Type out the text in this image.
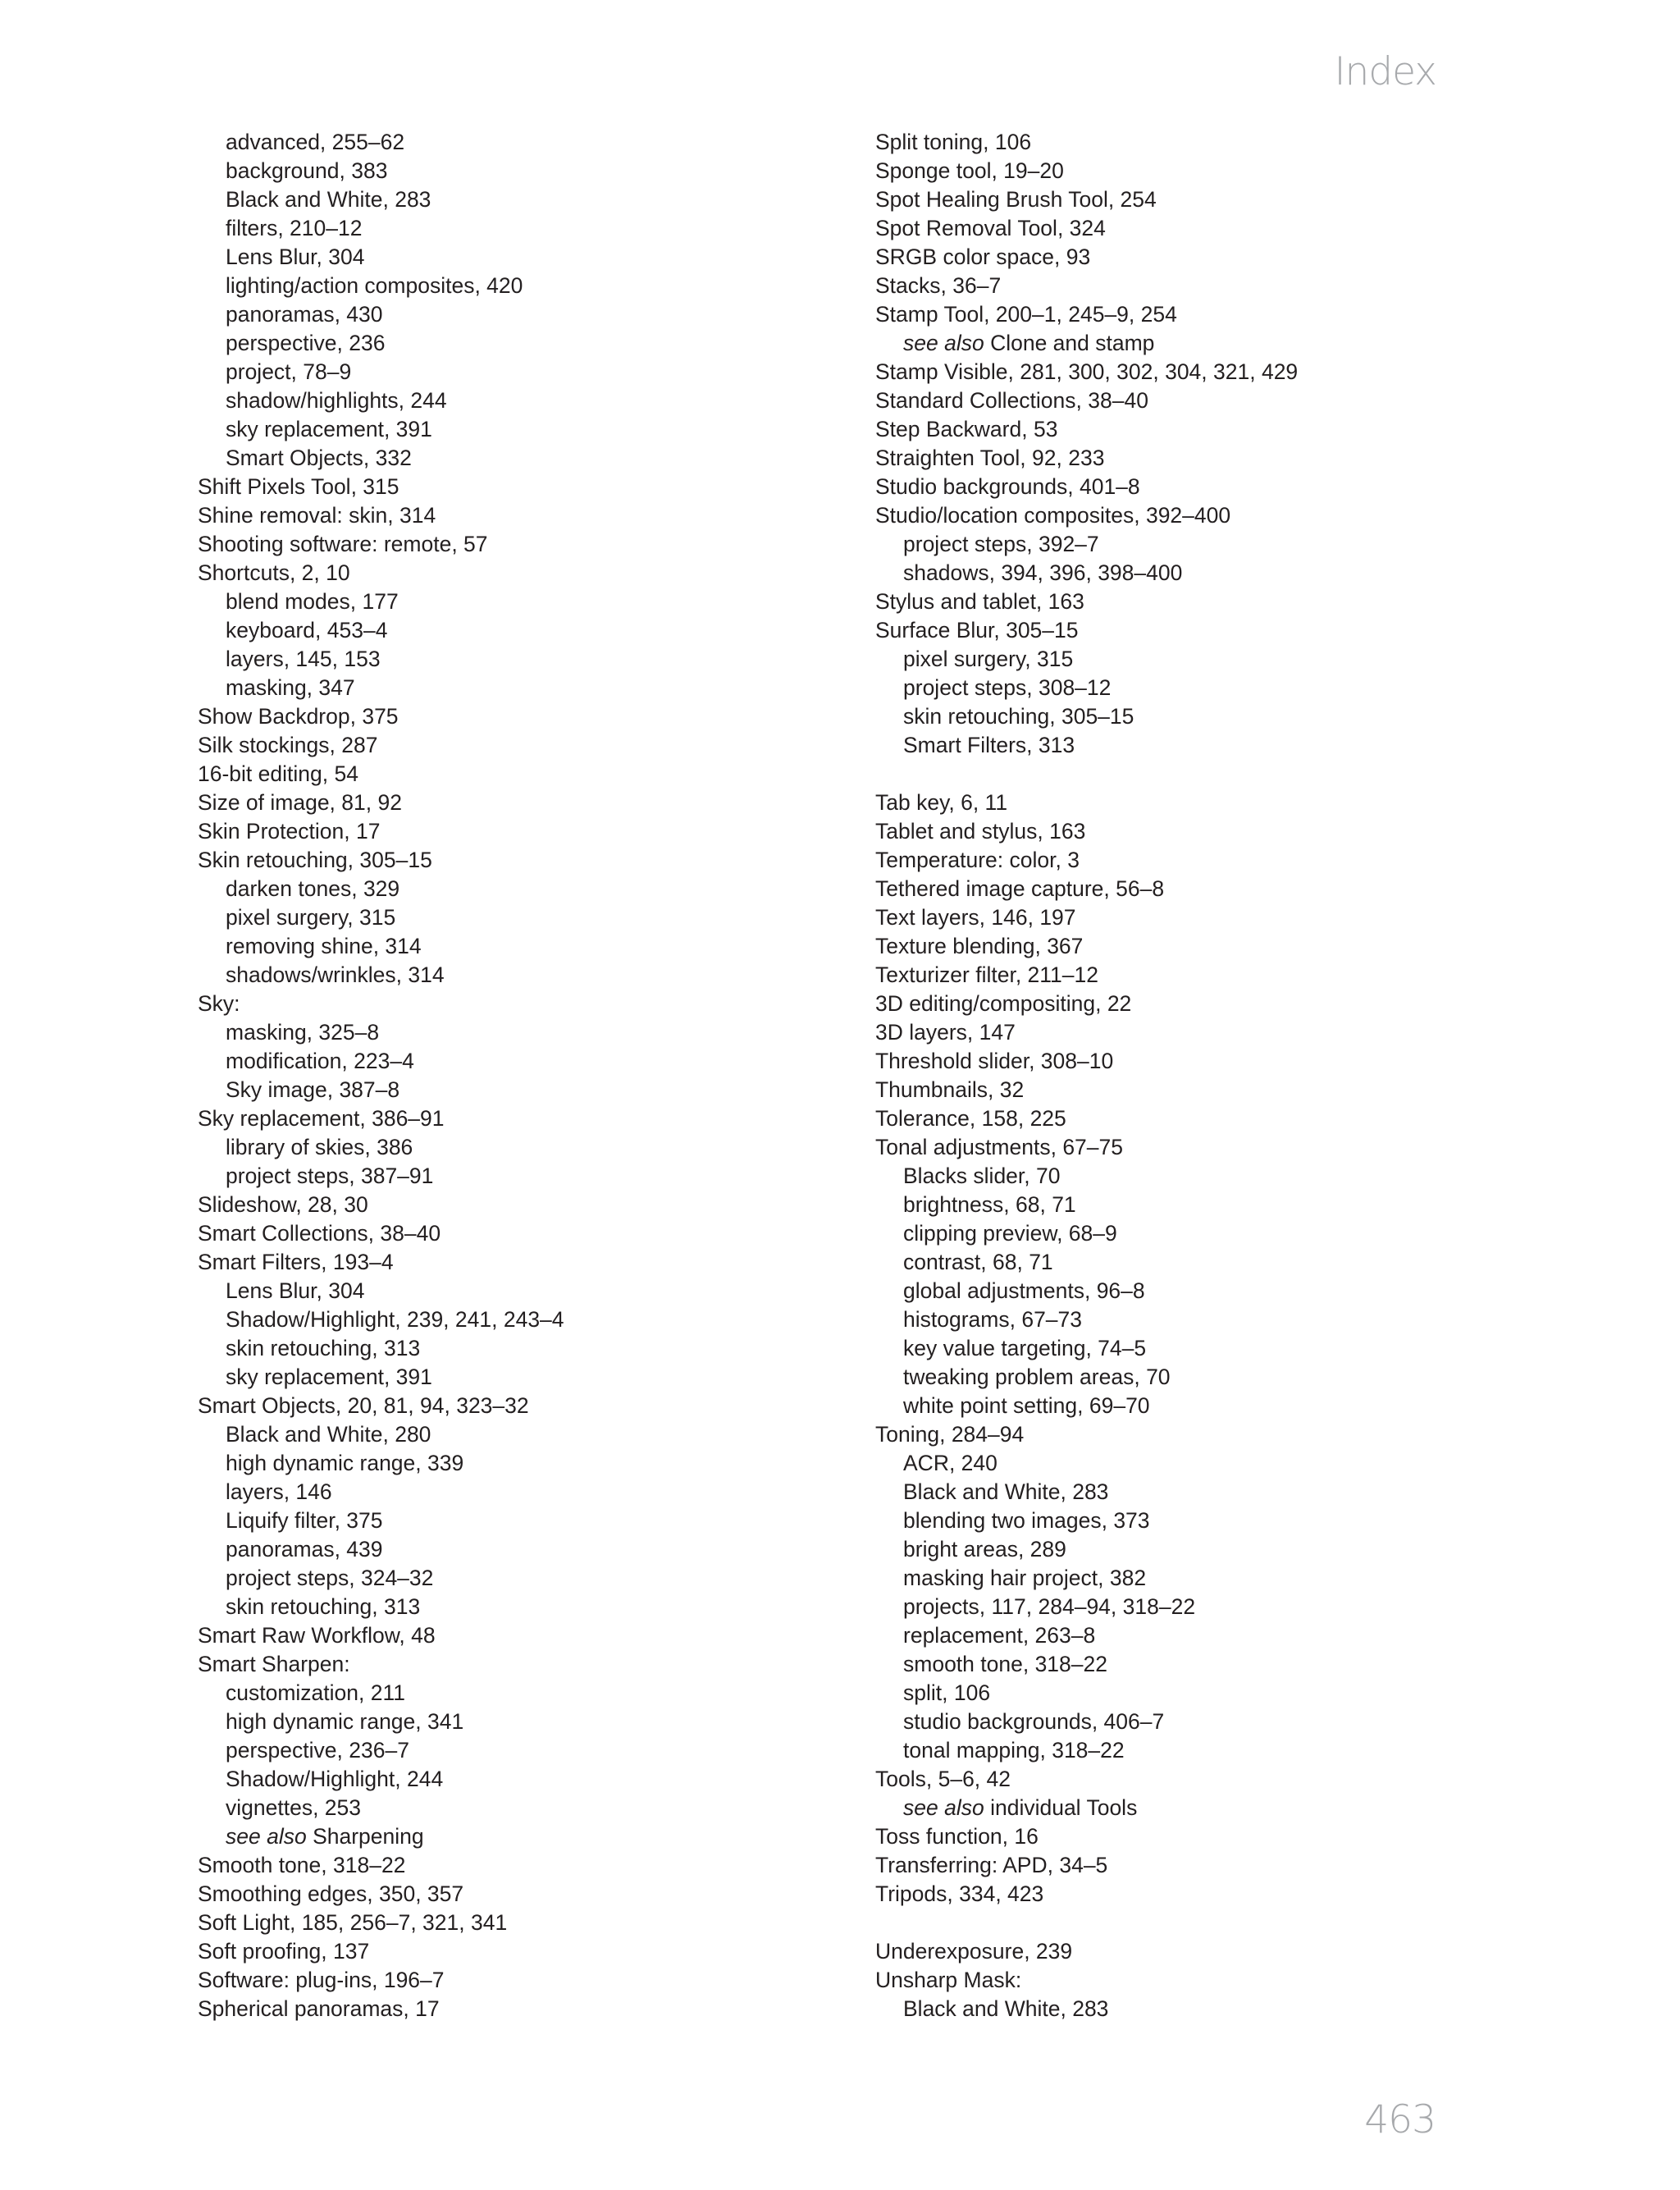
Index
advanced, 255–62
background, 383
Black and White, 283
filters, 210–12
Lens Blur, 304
lighting/action composites, 420
panoramas, 430
perspective, 236
project, 78–9
shadow/highlights, 244
sky replacement, 391
Smart Objects, 332
Shift Pixels Tool, 315
Shine removal: skin, 314
Shooting software: remote, 57
Shortcuts, 2, 10
blend modes, 177
keyboard, 453–4
layers, 145, 153
masking, 347
Show Backdrop, 375
Silk stockings, 287
16-bit editing, 54
Size of image, 81, 92
Skin Protection, 17
Skin retouching, 305–15
darken tones, 329
pixel surgery, 315
removing shine, 314
shadows/wrinkles, 314
Sky:
masking, 325–8
modification, 223–4
Sky image, 387–8
Sky replacement, 386–91
library of skies, 386
project steps, 387–91
Slideshow, 28, 30
Smart Collections, 38–40
Smart Filters, 193–4
Lens Blur, 304
Shadow/Highlight, 239, 241, 243–4
skin retouching, 313
sky replacement, 391
Smart Objects, 20, 81, 94, 323–32
Black and White, 280
high dynamic range, 339
layers, 146
Liquify filter, 375
panoramas, 439
project steps, 324–32
skin retouching, 313
Smart Raw Workflow, 48
Smart Sharpen:
customization, 211
high dynamic range, 341
perspective, 236–7
Shadow/Highlight, 244
vignettes, 253
see also Sharpening
Smooth tone, 318–22
Smoothing edges, 350, 357
Soft Light, 185, 256–7, 321, 341
Soft proofing, 137
Software: plug-ins, 196–7
Spherical panoramas, 17
Split toning, 106
Sponge tool, 19–20
Spot Healing Brush Tool, 254
Spot Removal Tool, 324
SRGB color space, 93
Stacks, 36–7
Stamp Tool, 200–1, 245–9, 254
see also Clone and stamp
Stamp Visible, 281, 300, 302, 304, 321, 429
Standard Collections, 38–40
Step Backward, 53
Straighten Tool, 92, 233
Studio backgrounds, 401–8
Studio/location composites, 392–400
project steps, 392–7
shadows, 394, 396, 398–400
Stylus and tablet, 163
Surface Blur, 305–15
pixel surgery, 315
project steps, 308–12
skin retouching, 305–15
Smart Filters, 313
Tab key, 6, 11
Tablet and stylus, 163
Temperature: color, 3
Tethered image capture, 56–8
Text layers, 146, 197
Texture blending, 367
Texturizer filter, 211–12
3D editing/compositing, 22
3D layers, 147
Threshold slider, 308–10
Thumbnails, 32
Tolerance, 158, 225
Tonal adjustments, 67–75
Blacks slider, 70
brightness, 68, 71
clipping preview, 68–9
contrast, 68, 71
global adjustments, 96–8
histograms, 67–73
key value targeting, 74–5
tweaking problem areas, 70
white point setting, 69–70
Toning, 284–94
ACR, 240
Black and White, 283
blending two images, 373
bright areas, 289
masking hair project, 382
projects, 117, 284–94, 318–22
replacement, 263–8
smooth tone, 318–22
split, 106
studio backgrounds, 406–7
tonal mapping, 318–22
Tools, 5–6, 42
see also individual Tools
Toss function, 16
Transferring: APD, 34–5
Tripods, 334, 423
Underexposure, 239
Unsharp Mask:
Black and White, 283
463
